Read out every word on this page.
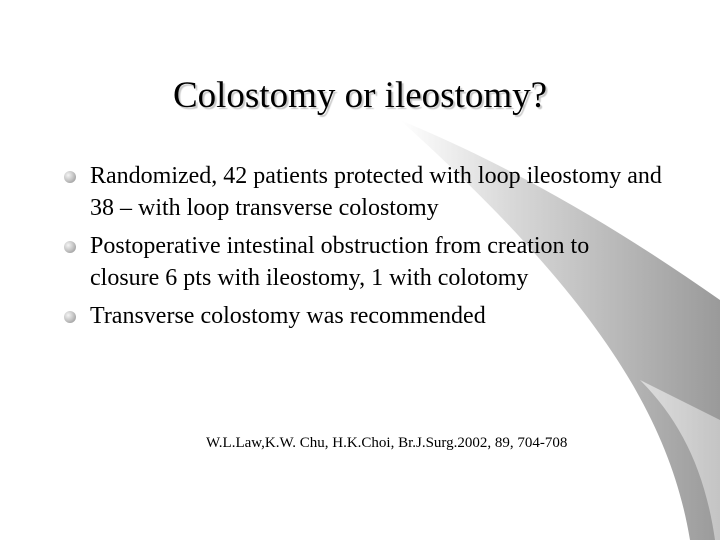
Colostomy or ileostomy?
Randomized, 42 patients protected with loop ileostomy and 38 – with loop transverse colostomy
Postoperative intestinal obstruction from creation to closure 6 pts with ileostomy, 1 with colotomy
Transverse colostomy was recommended
W.L.Law,K.W. Chu, H.K.Choi, Br.J.Surg.2002, 89, 704-708
